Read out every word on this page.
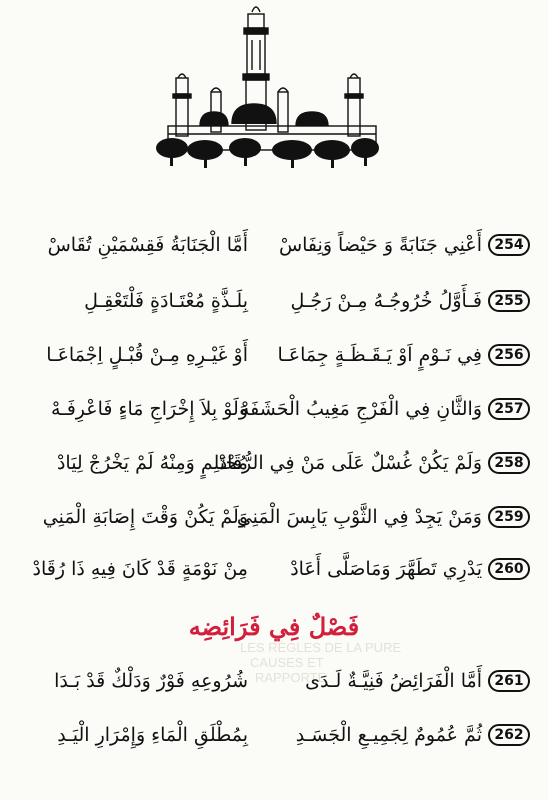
LES RÈGLES DE LA PURE
CAUSES ET
RAPPORTE
254
أَعْنِي جَنَابَةً وَ حَيْضاً وَنِفَاسْ
أَمَّا الْجَنَابَةُ فَقِسْمَيْنِ تُقَاسْ
255
فَـأَوَّلُ خُرُوجُـهُ مِـنْ رَجُـلِ
بِلَـذَّةٍ مُعْتَـادَةٍ فَلْتَعْقِـلِ
256
فِي نَـوْمٍ اَوْ يَـقَـظَـةٍ جِمَاعَـا
أَوْ غَيْـرِهِ مِـنْ قُبْـلٍ اِجْمَاعَـا
257
وَالثَّانِ فِي الْفَرْجِ مَغِيبُ الْحَشَفَهْ
وَلَوْ بِلاَ إِخْرَاجِ مَاءٍ فَاعْرِفَـهْ
258
وَلَمْ يَكُنْ غُسْلٌ عَلَى مَنْ فِي الرُّقَادْ
مُحْتَلِمٍ وَمِنْهُ لَمْ يَخْرُجْ لِيَادْ
259
وَمَنْ يَجِدْ فِي الثَّوْبِ يَابِسَ الْمَنِي
وَلَمْ يَكُنْ وَقْتَ إِصَابَةِ الْمَنِي
260
يَدْرِي تَطَهَّرَ وَمَاصَلَّى أَعَادْ
مِنْ نَوْمَةٍ قَدْ كَانَ فِيهِ ذَا رُقَادْ
فَصْلٌ فِي فَرَائِضِه
261
أَمَّا الْفَرَائِضُ فَنِيَّـةٌ لَـدَى
شُرُوعِهِ فَوْرٌ وَدَلْكٌ قَدْ بَـدَا
262
ثُمَّ عُمُومٌ لِجَمِيـعِ الْجَسَـدِ
بِمُطْلَقِ الْمَاءِ وَإِمْرَارِ الْيَـدِ
